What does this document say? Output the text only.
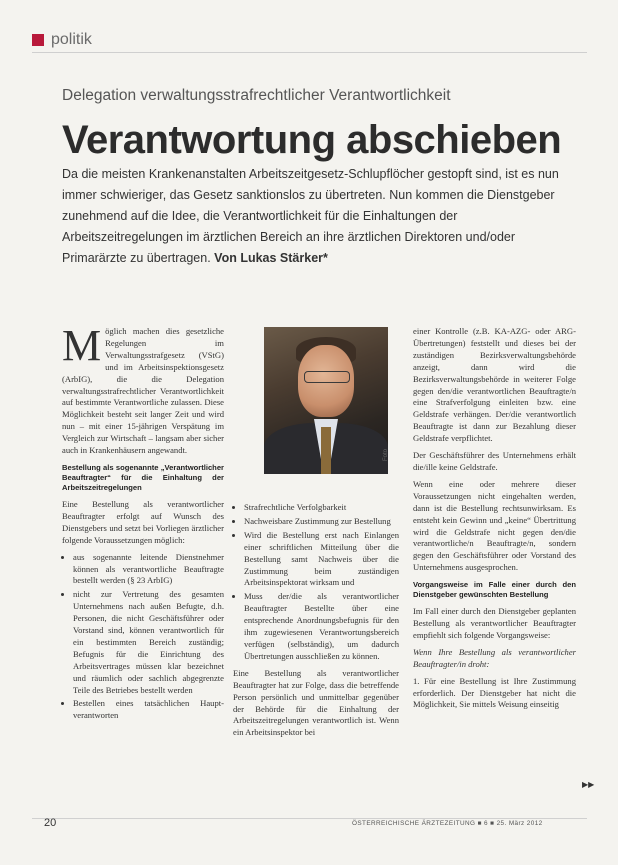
politik
Delegation verwaltungsstrafrechtlicher Verantwortlichkeit
Verantwortung abschieben
Da die meisten Krankenanstalten Arbeitszeitgesetz-Schlupflöcher gestopft sind, ist es nun immer schwieriger, das Gesetz sanktionslos zu übertreten. Nun kommen die Dienstgeber zunehmend auf die Idee, die Verantwortlichkeit für die Einhaltungen der Arbeitszeitregelungen im ärztlichen Bereich an ihre ärztlichen Direktoren und/oder Primarärzte zu übertragen. Von Lukas Stärker*

Möglich machen dies gesetzliche Regelungen im Verwaltungsstrafgesetz (VStG) und im Arbeitsinspektionsgesetz (ArbIG), die die Delegation verwaltungsstrafrechtlicher Verantwortlichkeit auf bestimmte Verantwortliche zulassen. Diese Möglichkeit besteht seit langer Zeit und wird nun – mit einer 15-jährigen Verspätung im Vergleich zur Wirtschaft – langsam aber sicher auch in Krankenhäusern angewandt.

Bestellung als sogenannte „Verantwortlicher Beauftragter“ für die Einhaltung der Arbeitszeitregelungen

Eine Bestellung als verantwortlicher Beauftragter erfolgt auf Wunsch des Dienstgebers und setzt bei Vorliegen ärztlicher folgende Voraussetzungen möglich:

• aus sogenannte leitende Dienstnehmer können als verantwortliche Beauftragte bestellt werden (§ 23 ArbIG)
• nicht zur Vertretung des gesamten Unternehmens nach außen Befugte, d.h. Personen, die nicht Geschäftsführer oder Vorstand sind, können verantwortlich für ein bestimmten Bereich zuständig; Befugnis für die Einrichtung des Arbeitsvertrages müssen klar bezeichnet und räumlich oder sachlich abgegrenzte Teile des Betriebes bestellt werden
• Bestellen eines tatsächlichen Haupt-verantworten
Foto
• Strafrechtliche Verfolgbarkeit
• Nachweisbare Zustimmung zur Bestellung
• Wird die Bestellung erst nach Einlangen einer schriftlichen Mitteilung über die Bestellung samt Nachweis über die Zustimmung beim zuständigen Arbeitsinspektorat wirksam und
• Muss der/die als verantwortlicher Beauftragter Bestellte über eine entsprechende Anordnungsbefugnis für den ihm zugewiesenen Verantwortungsbereich verfügen (selbständig), um dadurch Übertretungen ausschließen zu können.

Eine Bestellung als verantwortlicher Beauftragter hat zur Folge, dass die betreffende Person persönlich und unmittelbar gegenüber der Behörde für die Einhaltung der Arbeitszeitregelungen verantwortlich ist. Wenn ein Arbeitsinspektor bei

einer Kontrolle (z.B. KA-AZG- oder ARG-Übertretungen) feststellt und dieses bei der zuständigen Bezirksverwaltungsbehörde anzeigt, dann wird die Bezirksverwaltungsbehörde in weiterer Folge gegen den/die verantwortlichen Beauftragte/n eine Strafverfolgung einleiten bzw. eine Geldstrafe verhängen. Der/die verantwortlich Beauftragte ist dann zur Bezahlung dieser Geldstrafe verpflichtet.

Der Geschäftsführer des Unternehmens erhält die/ille keine Geldstrafe.

Wenn eine oder mehrere dieser Voraussetzungen nicht eingehalten werden, dann ist die Bestellung rechtsunwirksam. Es entsteht kein Gewinn und „keine“ Übertrittung wird die Geldstrafe nicht gegen den/die verantwortliche/n Beauftragte/n, sondern gegen den Geschäftsführer oder Vorstand des Unternehmens ausgesprochen.

Vorgangsweise im Falle einer durch den Dienstgeber gewünschten Bestellung

Im Fall einer durch den Dienstgeber geplanten Bestellung als verantwortlicher Beauftragter empfiehlt sich folgende Vorgangsweise:

Wenn Ihre Bestellung als verantwortlicher Beauftragter/in droht:

1. Für eine Bestellung ist Ihre Zustimmung erforderlich. Der Dienstgeber hat nicht die Möglichkeit, Sie mittels Weisung einseitig

▶▶
20	ÖSTERREICHISCHE ÄRZTEZEITUNG ■ 6 ■ 25. März 2012
